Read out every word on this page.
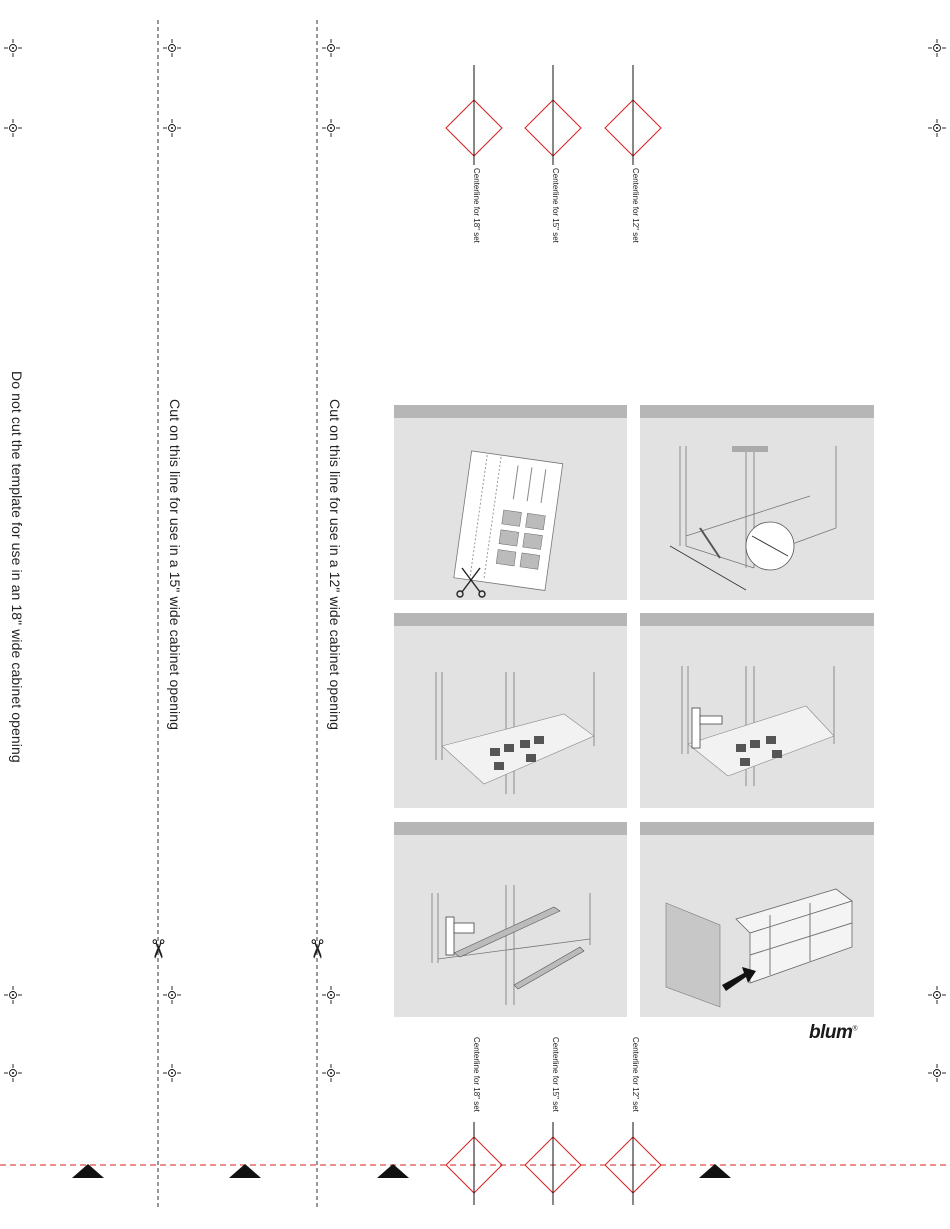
Do not cut the template for use in an 18" wide cabinet opening	Cut on this line for use in a 15" wide cabinet opening	Cut on this line for use in a 12" wide cabinet opening
✂	✂
Centerline for 18" set	Centerline for 15" set	Centerline for 12" set
Centerline for 18" set	Centerline for 15" set	Centerline for 12" set
blum®
